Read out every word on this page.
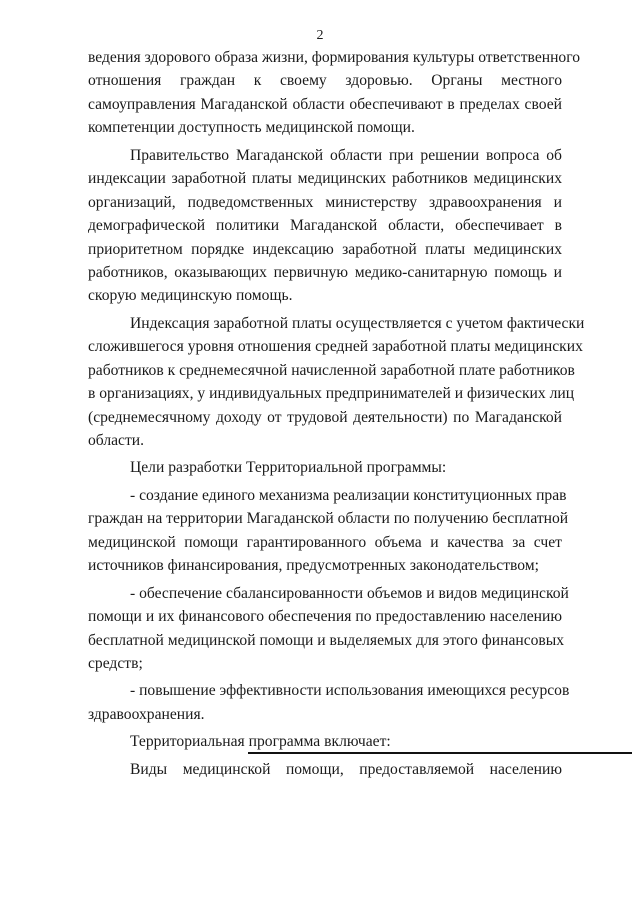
2
ведения здорового образа жизни, формирования культуры ответственного
отношения граждан к своему здоровью. Органы местного
самоуправления Магаданской области обеспечивают в пределах своей
компетенции доступность медицинской помощи.
Правительство Магаданской области при решении вопроса об
индексации заработной платы медицинских работников медицинских
организаций, подведомственных министерству здравоохранения и
демографической политики Магаданской области, обеспечивает в
приоритетном порядке индексацию заработной платы медицинских
работников, оказывающих первичную медико-санитарную помощь и
скорую медицинскую помощь.
Индексация заработной платы осуществляется с учетом фактически
сложившегося уровня отношения средней заработной платы медицинских
работников к среднемесячной начисленной заработной плате работников
в организациях, у индивидуальных предпринимателей и физических лиц
(среднемесячному доходу от трудовой деятельности) по Магаданской
области.
Цели разработки Территориальной программы:
- создание единого механизма реализации конституционных прав
граждан на территории Магаданской области по получению бесплатной
медицинской помощи гарантированного объема и качества за счет
источников финансирования, предусмотренных законодательством;
- обеспечение сбалансированности объемов и видов медицинской
помощи и их финансового обеспечения по предоставлению населению
бесплатной медицинской помощи и выделяемых для этого финансовых
средств;
- повышение эффективности использования имеющихся ресурсов
здравоохранения.
Территориальная программа включает:
Виды медицинской помощи, предоставляемой населению
